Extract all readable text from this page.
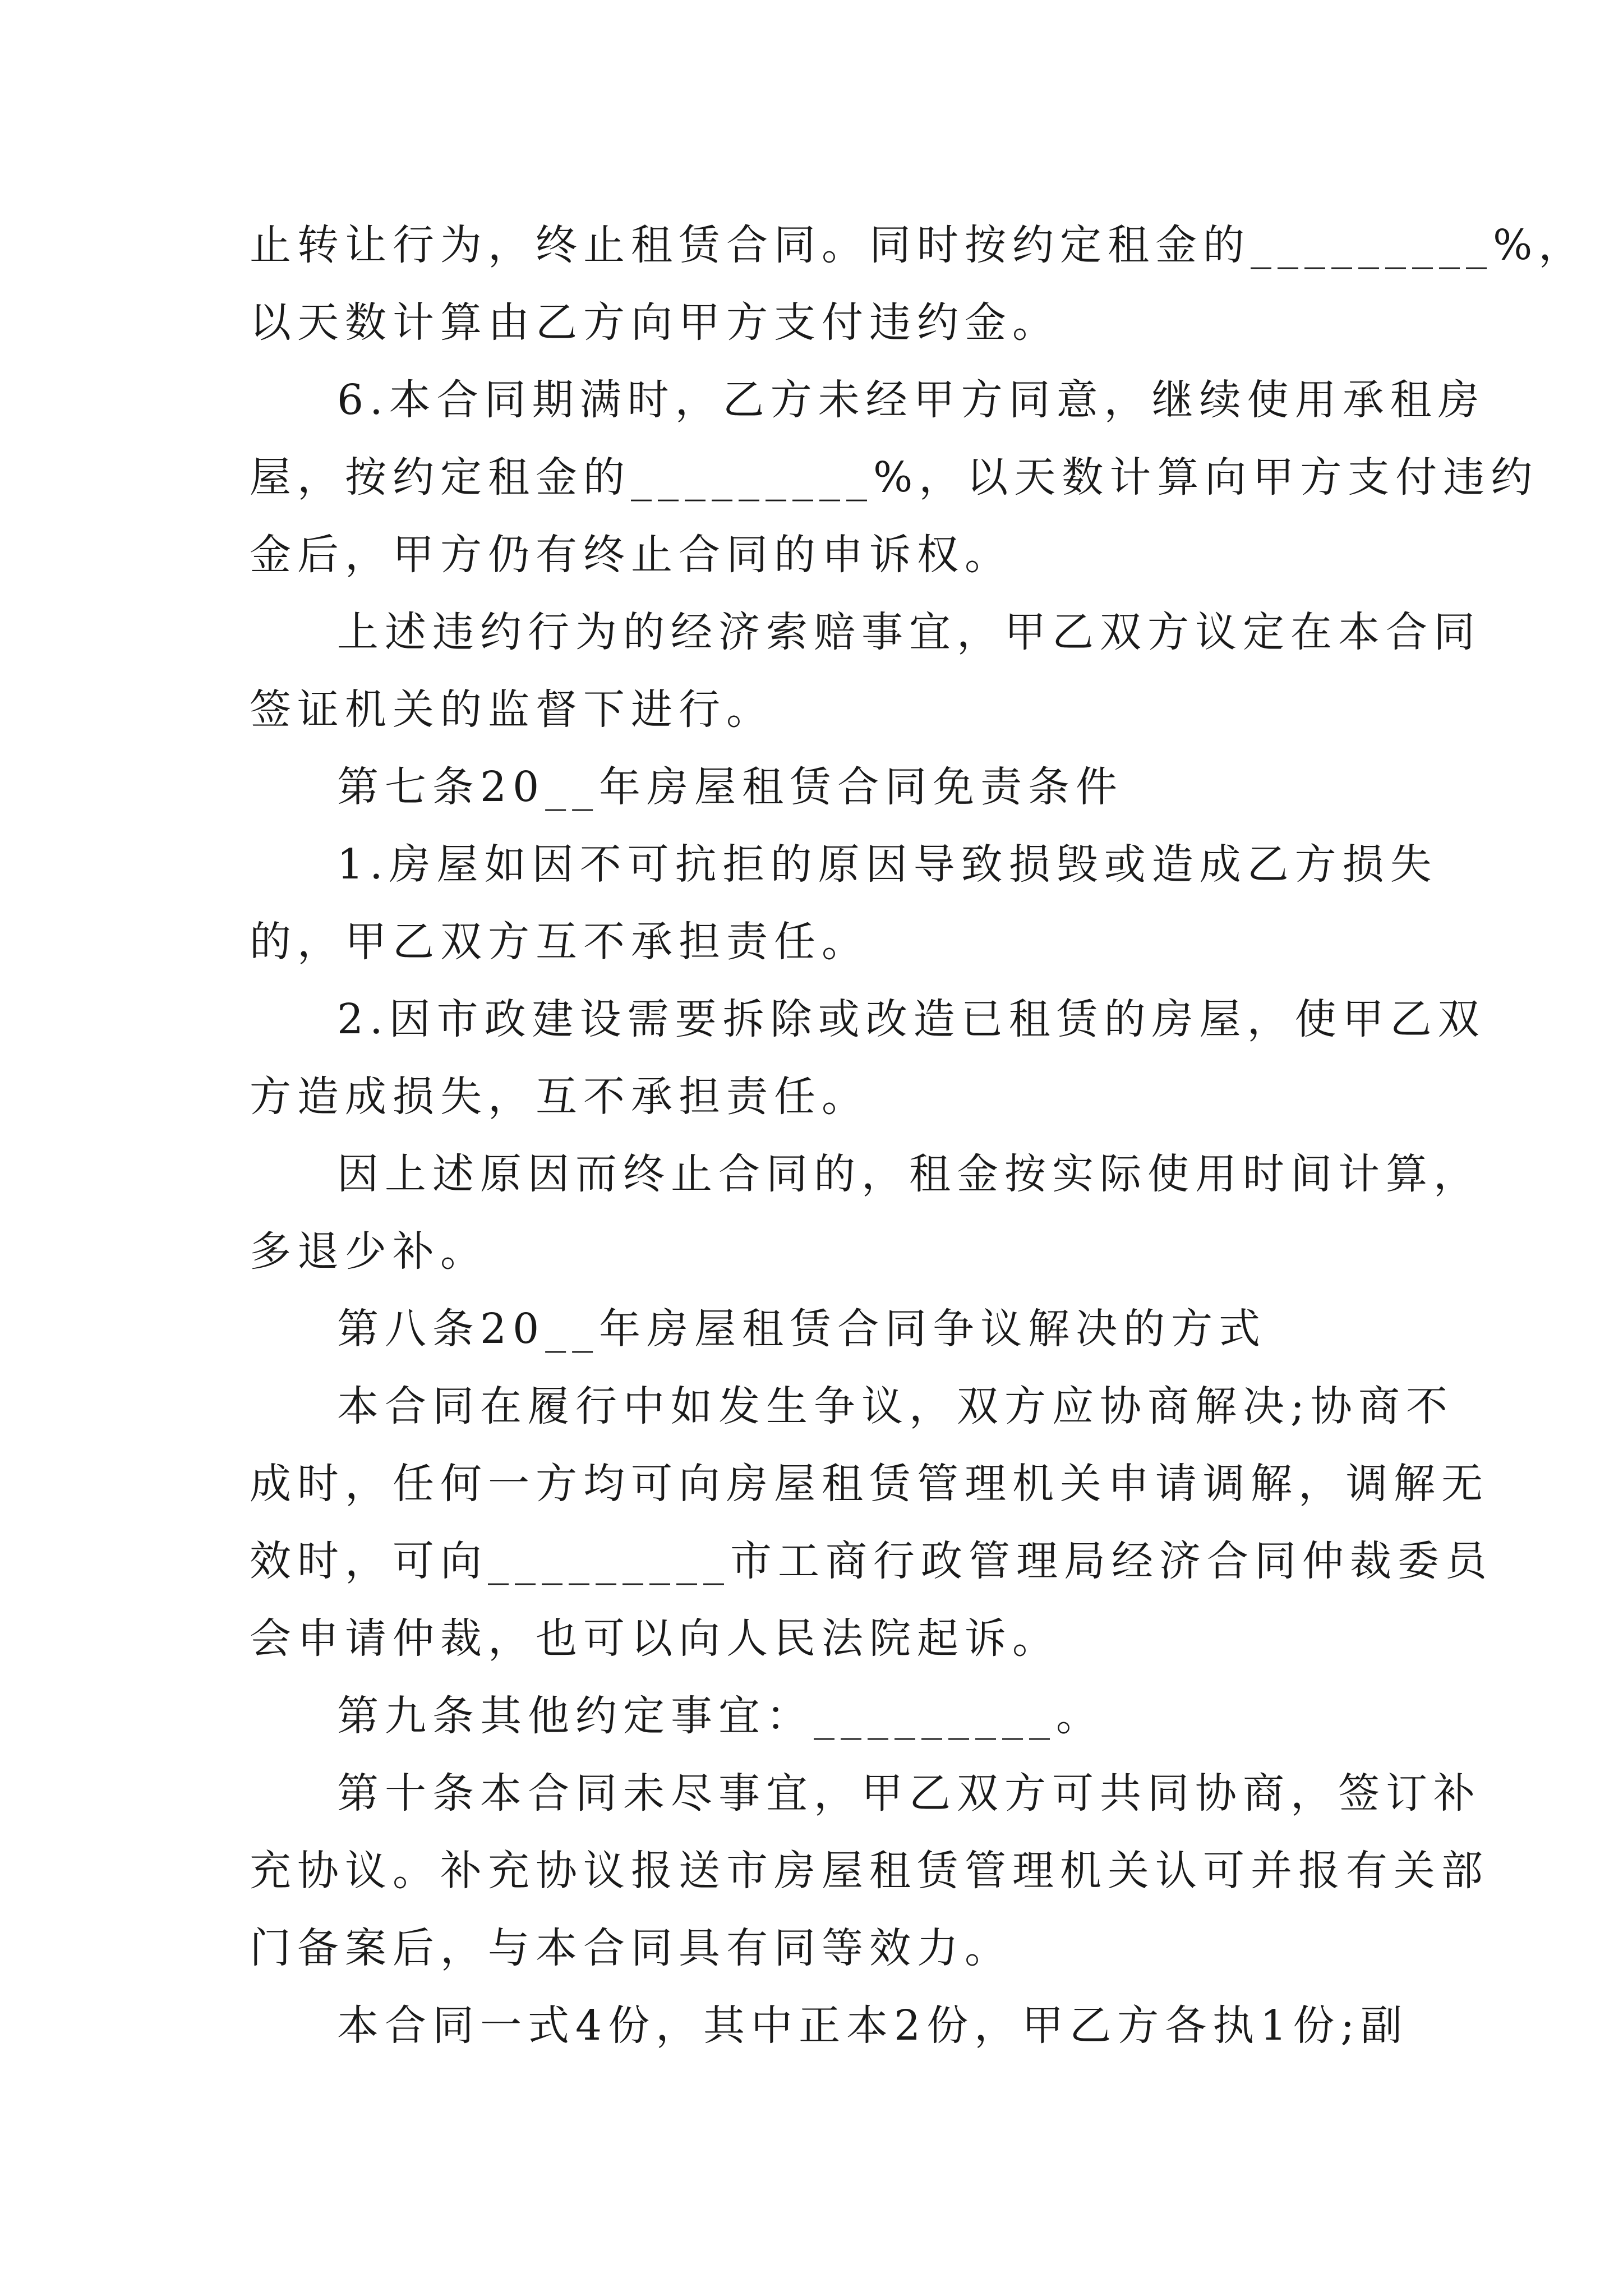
止转让行为，终止租赁合同。同时按约定租金的_________%，
以天数计算由乙方向甲方支付违约金。
6.本合同期满时，乙方未经甲方同意，继续使用承租房
屋，按约定租金的_________%，以天数计算向甲方支付违约
金后，甲方仍有终止合同的申诉权。
上述违约行为的经济索赔事宜，甲乙双方议定在本合同
签证机关的监督下进行。
第七条20__年房屋租赁合同免责条件
1.房屋如因不可抗拒的原因导致损毁或造成乙方损失
的，甲乙双方互不承担责任。
2.因市政建设需要拆除或改造已租赁的房屋，使甲乙双
方造成损失，互不承担责任。
因上述原因而终止合同的，租金按实际使用时间计算，
多退少补。
第八条20__年房屋租赁合同争议解决的方式
本合同在履行中如发生争议，双方应协商解决;协商不
成时，任何一方均可向房屋租赁管理机关申请调解，调解无
效时，可向_________市工商行政管理局经济合同仲裁委员
会申请仲裁，也可以向人民法院起诉。
第九条其他约定事宜：_________。
第十条本合同未尽事宜，甲乙双方可共同协商，签订补
充协议。补充协议报送市房屋租赁管理机关认可并报有关部
门备案后，与本合同具有同等效力。
本合同一式4份，其中正本2份，甲乙方各执1份;副
